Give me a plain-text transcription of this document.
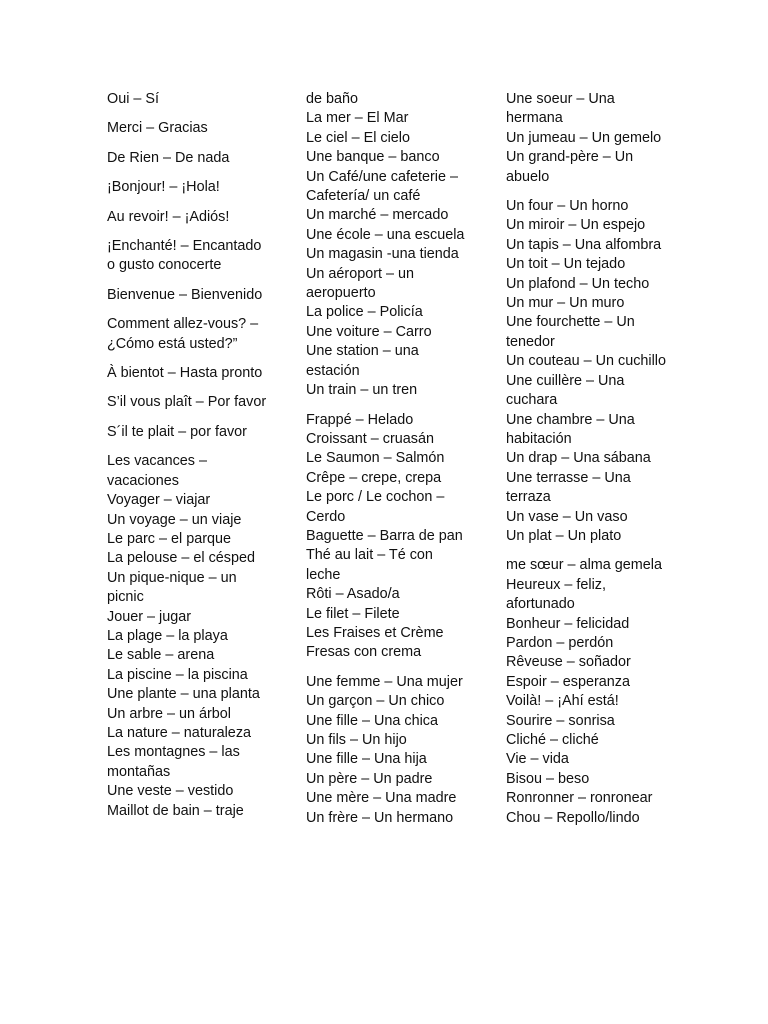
Oui – Sí
Merci – Gracias
De Rien – De nada
¡Bonjour! – ¡Hola!
Au revoir! – ¡Adiós!
¡Enchanté! – Encantado o gusto conocerte
Bienvenue – Bienvenido
Comment allez-vous? – ¿Cómo está usted?”
À bientot – Hasta pronto
S’il vous plaît – Por favor
S´il te plait – por favor
Les vacances – vacaciones
Voyager – viajar
Un voyage – un viaje
Le parc – el parque
La pelouse – el césped
Un pique-nique – un picnic
Jouer – jugar
La plage – la playa
Le sable – arena
La piscine – la piscina
Une plante – una planta
Un arbre – un árbol
La nature – naturaleza
Les montagnes – las montañas
Une veste – vestido
Maillot de bain – traje
de baño
La mer – El Mar
Le ciel – El cielo
Une banque – banco
Un Café/une cafeterie – Cafetería/ un café
Un marché – mercado
Une école – una escuela
Un magasin -una tienda
Un aéroport – un aeropuerto
La police – Policía
Une voiture – Carro
Une station – una estación
Un train – un tren
Frappé – Helado
Croissant – cruasán
Le Saumon – Salmón
Crêpe – crepe, crepa
Le porc / Le cochon – Cerdo
Baguette – Barra de pan
Thé au lait – Té con leche
Rôti – Asado/a
Le filet – Filete
Les Fraises et Crème Fresas con crema
Une femme – Una mujer
Un garçon – Un chico
Une fille – Una chica
Un fils – Un hijo
Une fille – Una hija
Un père – Un padre
Une mère – Una madre
Un frère – Un hermano
Une soeur – Una hermana
Un jumeau – Un gemelo
Un grand-père – Un abuelo
Un four – Un horno
Un miroir – Un espejo
Un tapis – Una alfombra
Un toit – Un tejado
Un plafond – Un techo
Un mur – Un muro
Une fourchette – Un tenedor
Un couteau – Un cuchillo
Une cuillère – Una cuchara
Une chambre – Una habitación
Un drap – Una sábana
Une terrasse – Una terraza
Un vase – Un vaso
Un plat – Un plato
me sœur – alma gemela
Heureux – feliz, afortunado
Bonheur – felicidad
Pardon – perdón
Rêveuse – soñador
Espoir – esperanza
Voilà! – ¡Ahí está!
Sourire – sonrisa
Cliché – cliché
Vie – vida
Bisou – beso
Ronronner – ronronear
Chou – Repollo/lindo
